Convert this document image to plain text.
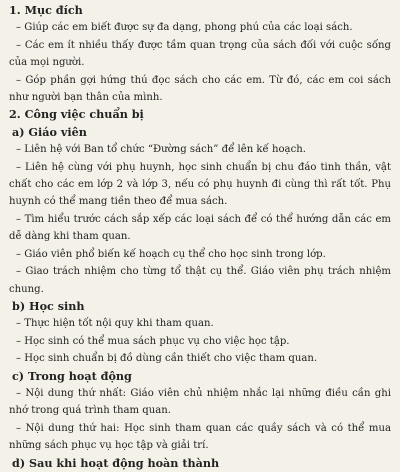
1. Mục đích

– Giúp các em biết được sự đa dạng, phong phú của các loại sách.

– Các em ít nhiều thấy được tầm quan trọng của sách đối với cuộc sống của mọi người.

– Góp phần gợi hứng thú đọc sách cho các em. Từ đó, các em coi sách như người bạn thân của mình.

2. Công việc chuẩn bị

a) Giáo viên

– Liên hệ với Ban tổ chức “Đường sách” để lên kế hoạch.

– Liên hệ cùng với phụ huynh, học sinh chuẩn bị chu đáo tinh thần, vật chất cho các em lớp 2 và lớp 3, nếu có phụ huynh đi cùng thì rất tốt. Phụ huynh có thể mang tiền theo để mua sách.

– Tìm hiểu trước cách sắp xếp các loại sách để có thể hướng dẫn các em dễ dàng khi tham quan.

– Giáo viên phổ biến kế hoạch cụ thể cho học sinh trong lớp.

– Giao trách nhiệm cho từng tổ thật cụ thể. Giáo viên phụ trách nhiệm chung.

b) Học sinh

– Thực hiện tốt nội quy khi tham quan.

– Học sinh có thể mua sách phục vụ cho việc học tập.

– Học sinh chuẩn bị đồ dùng cần thiết cho việc tham quan.

c) Trong hoạt động

– Nội dung thứ nhất: Giáo viên chủ nhiệm nhắc lại những điều cần ghi nhớ trong quá trình tham quan.

– Nội dung thứ hai: Học sinh tham quan các quầy sách và có thể mua những sách phục vụ học tập và giải trí.

d) Sau khi hoạt động hoàn thành
